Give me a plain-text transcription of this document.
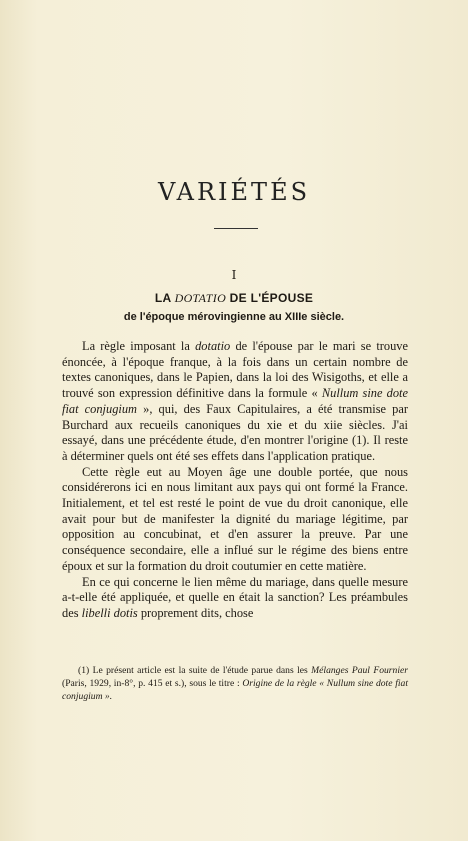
VARIÉTÉS
I
LA DOTATIO DE L'ÉPOUSE
de l'époque mérovingienne au XIIIe siècle.

La règle imposant la dotatio de l'épouse par le mari se trouve énoncée, à l'époque franque, à la fois dans un certain nombre de textes canoniques, dans le Papien, dans la loi des Wisigoths, et elle a trouvé son expression définitive dans la formule « Nullum sine dote fiat conjugium », qui, des Faux Capitulaires, a été transmise par Burchard aux recueils canoniques du xie et du xiie siècles. J'ai essayé, dans une précédente étude, d'en montrer l'origine (1). Il reste à déterminer quels ont été ses effets dans l'application pratique.

Cette règle eut au Moyen âge une double portée, que nous considérerons ici en nous limitant aux pays qui ont formé la France. Initialement, et tel est resté le point de vue du droit canonique, elle avait pour but de manifester la dignité du mariage légitime, par opposition au concubinat, et d'en assurer la preuve. Par une conséquence secondaire, elle a influé sur le régime des biens entre époux et sur la formation du droit coutumier en cette matière.

En ce qui concerne le lien même du mariage, dans quelle mesure a-t-elle été appliquée, et quelle en était la sanction? Les préambules des libelli dotis proprement dits, chose

(1) Le présent article est la suite de l'étude parue dans les Mélanges Paul Fournier (Paris, 1929, in-8°, p. 415 et s.), sous le titre : Origine de la règle « Nullum sine dote fiat conjugium ».
